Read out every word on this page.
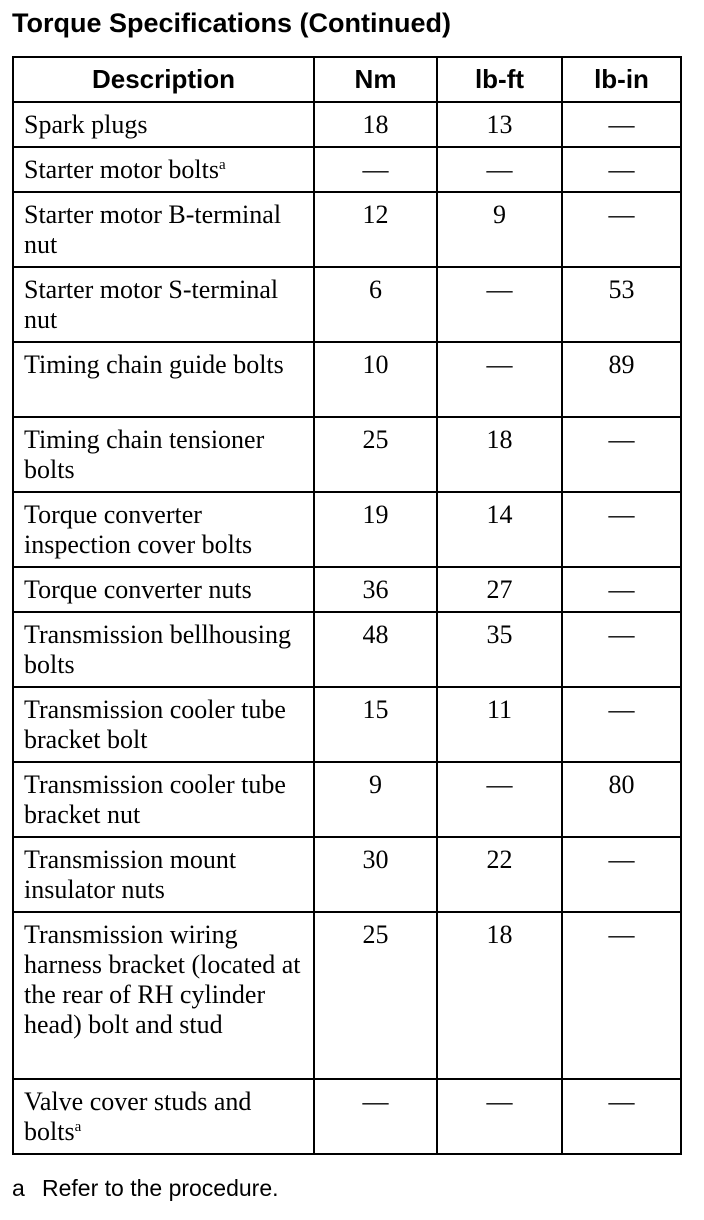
Torque Specifications (Continued)
Description	Nm	lb-ft	lb-in
Spark plugs	18	13	—
Starter motor bolts$^a$	—	—	—
Starter motor B-terminal nut	12	9	—
Starter motor S-terminal nut	6	—	53
Timing chain guide bolts	10	—	89
Timing chain tensioner bolts	25	18	—
Torque converter inspection cover bolts	19	14	—
Torque converter nuts	36	27	—
Transmission bellhousing bolts	48	35	—
Transmission cooler tube bracket bolt	15	11	—
Transmission cooler tube bracket nut	9	—	80
Transmission mount insulator nuts	30	22	—
Transmission wiring harness bracket (located at the rear of RH cylinder head) bolt and stud	25	18	—
Valve cover studs and bolts$^a$	—	—	—
a Refer to the procedure.
